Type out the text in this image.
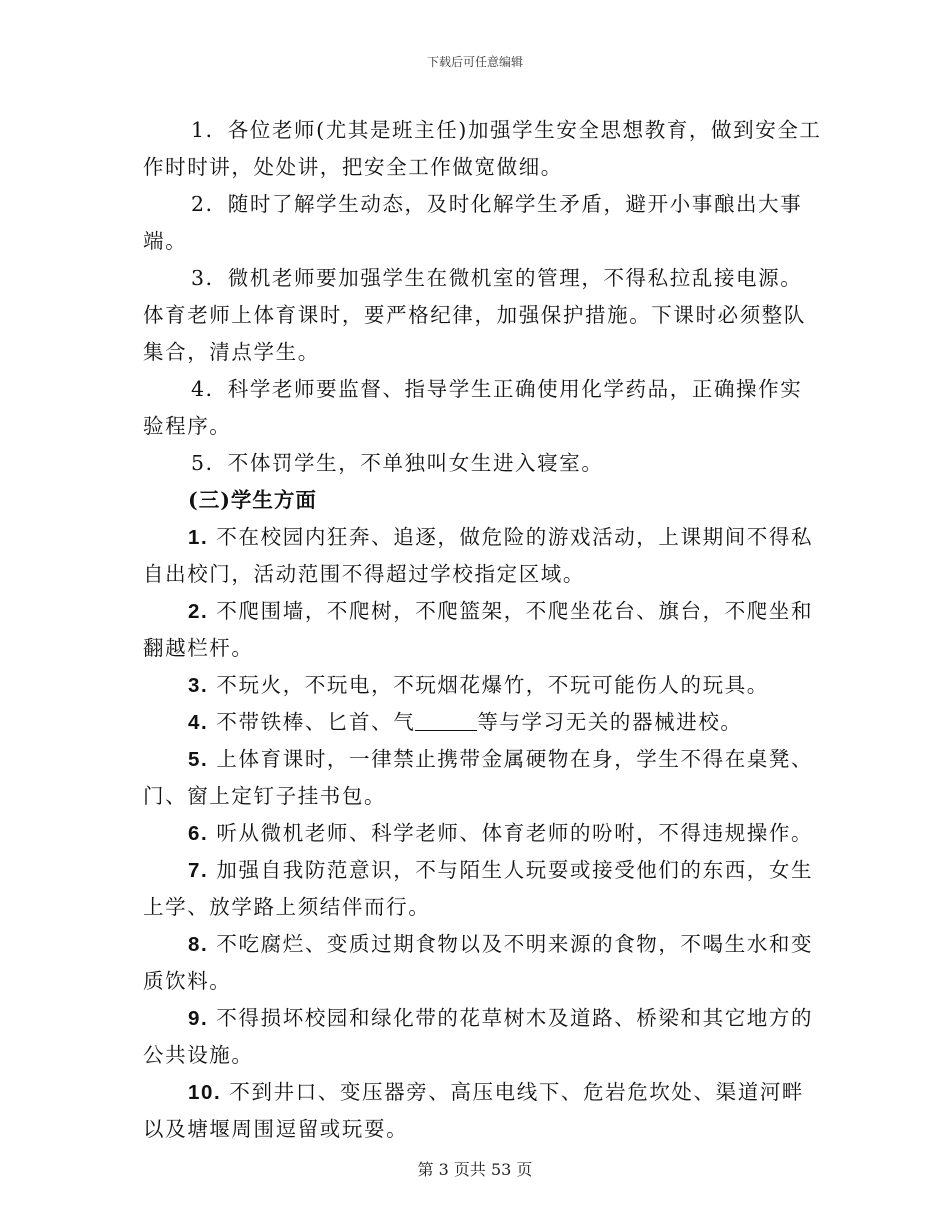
下载后可任意编辑

1．各位老师(尤其是班主任)加强学生安全思想教育，做到安全工作时时讲，处处讲，把安全工作做宽做细。

2．随时了解学生动态，及时化解学生矛盾，避开小事酿出大事端。

3．微机老师要加强学生在微机室的管理，不得私拉乱接电源。体育老师上体育课时，要严格纪律，加强保护措施。下课时必须整队集合，清点学生。

4．科学老师要监督、指导学生正确使用化学药品，正确操作实验程序。

5．不体罚学生，不单独叫女生进入寝室。

(三)学生方面

1. 不在校园内狂奔、追逐，做危险的游戏活动，上课期间不得私自出校门，活动范围不得超过学校指定区域。

2. 不爬围墙，不爬树，不爬篮架，不爬坐花台、旗台，不爬坐和翻越栏杆。

3. 不玩火，不玩电，不玩烟花爆竹，不玩可能伤人的玩具。

4. 不带铁棒、匕首、气	等与学习无关的器械进校。

5. 上体育课时，一律禁止携带金属硬物在身，学生不得在桌凳、门、窗上定钉子挂书包。

6. 听从微机老师、科学老师、体育老师的吩咐，不得违规操作。

7. 加强自我防范意识，不与陌生人玩耍或接受他们的东西，女生上学、放学路上须结伴而行。

8. 不吃腐烂、变质过期食物以及不明来源的食物，不喝生水和变质饮料。

9. 不得损坏校园和绿化带的花草树木及道路、桥梁和其它地方的公共设施。

10. 不到井口、变压器旁、高压电线下、危岩危坎处、渠道河畔以及塘堰周围逗留或玩耍。

第 3 页共 53 页
